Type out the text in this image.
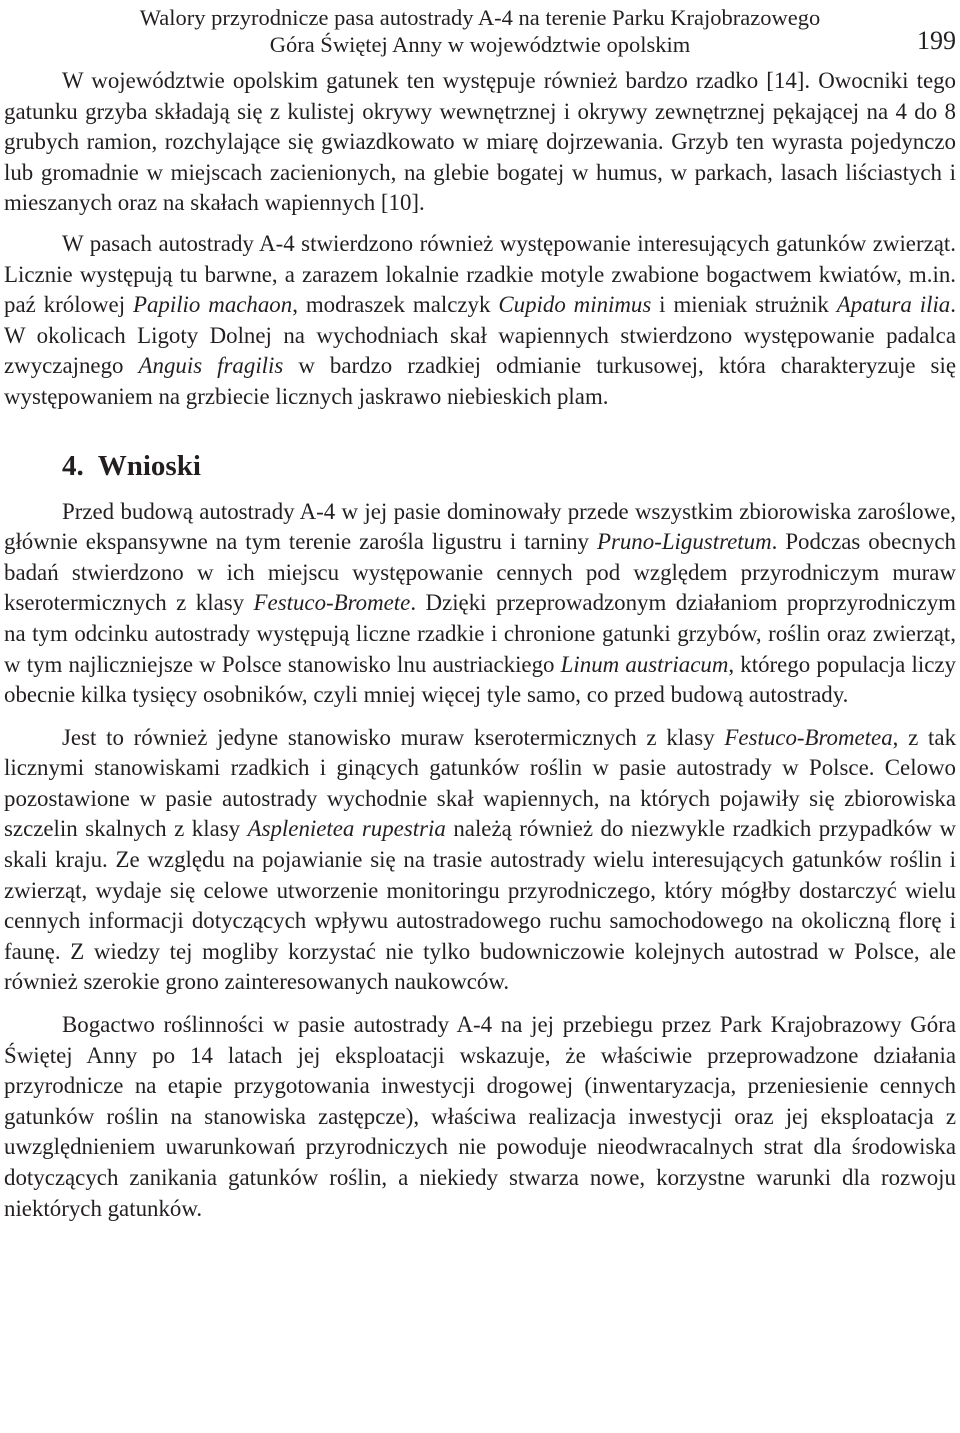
Walory przyrodnicze pasa autostrady A-4 na terenie Parku Krajobrazowego
Góra Świętej Anny w województwie opolskim	199

W województwie opolskim gatunek ten występuje również bardzo rzadko [14]. Owocniki tego gatunku grzyba składają się z kulistej okrywy wewnętrznej i okrywy zewnętrznej pękającej na 4 do 8 grubych ramion, rozchylające się gwiazdkowato w miarę dojrzewania. Grzyb ten wyrasta pojedynczo lub gromadnie w miejscach zacienionych, na glebie bogatej w humus, w parkach, lasach liściastych i mieszanych oraz na skałach wapiennych [10].

W pasach autostrady A-4 stwierdzono również występowanie interesujących gatunków zwierząt. Licznie występują tu barwne, a zarazem lokalnie rzadkie motyle zwabione bogactwem kwiatów, m.in. paź królowej Papilio machaon, modraszek malczyk Cupido minimus i mieniak strużnik Apatura ilia. W okolicach Ligoty Dolnej na wychodniach skał wapiennych stwierdzono występowanie padalca zwyczajnego Anguis fragilis w bardzo rzadkiej odmianie turkusowej, która charakteryzuje się występowaniem na grzbiecie licznych jaskrawo niebieskich plam.

4. Wnioski

Przed budową autostrady A-4 w jej pasie dominowały przede wszystkim zbiorowiska zaroślowe, głównie ekspansywne na tym terenie zarośla ligustru i tarniny Pruno-Ligustretum. Podczas obecnych badań stwierdzono w ich miejscu występowanie cennych pod względem przyrodniczym muraw kserotermicznych z klasy Festuco-Bromete. Dzięki przeprowadzonym działaniom proprzyrodniczym na tym odcinku autostrady występują liczne rzadkie i chronione gatunki grzybów, roślin oraz zwierząt, w tym najliczniejsze w Polsce stanowisko lnu austriackiego Linum austriacum, którego populacja liczy obecnie kilka tysięcy osobników, czyli mniej więcej tyle samo, co przed budową autostrady.

Jest to również jedyne stanowisko muraw kserotermicznych z klasy Festuco-Brometea, z tak licznymi stanowiskami rzadkich i ginących gatunków roślin w pasie autostrady w Polsce. Celowo pozostawione w pasie autostrady wychodnie skał wapiennych, na których pojawiły się zbiorowiska szczelin skalnych z klasy Asplenietea rupestria należą również do niezwykle rzadkich przypadków w skali kraju. Ze względu na pojawianie się na trasie autostrady wielu interesujących gatunków roślin i zwierząt, wydaje się celowe utworzenie monitoringu przyrodniczego, który mógłby dostarczyć wielu cennych informacji dotyczących wpływu autostradowego ruchu samochodowego na okoliczną florę i faunę. Z wiedzy tej mogliby korzystać nie tylko budowniczowie kolejnych autostrad w Polsce, ale również szerokie grono zainteresowanych naukowców.

Bogactwo roślinności w pasie autostrady A-4 na jej przebiegu przez Park Krajobrazowy Góra Świętej Anny po 14 latach jej eksploatacji wskazuje, że właściwie przeprowadzone działania przyrodnicze na etapie przygotowania inwestycji drogowej (inwentaryzacja, przeniesienie cennych gatunków roślin na stanowiska zastępcze), właściwa realizacja inwestycji oraz jej eksploatacja z uwzględnieniem uwarunkowań przyrodniczych nie powoduje nieodwracalnych strat dla środowiska dotyczących zanikania gatunków roślin, a niekiedy stwarza nowe, korzystne warunki dla rozwoju niektórych gatunków.
